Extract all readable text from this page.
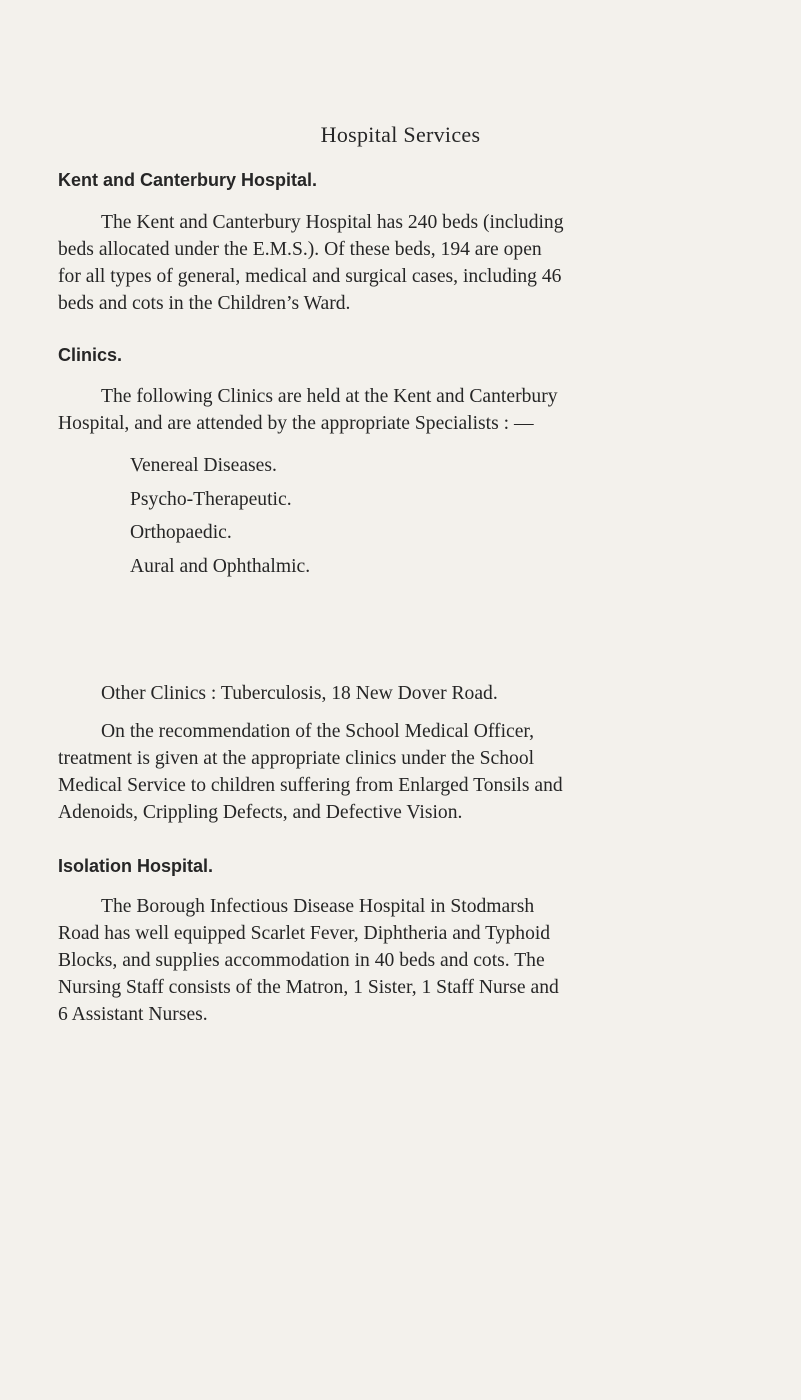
Hospital Services
Kent and Canterbury Hospital.
The Kent and Canterbury Hospital has 240 beds (including
beds allocated under the E.M.S.). Of these beds, 194 are open
for all types of general, medical and surgical cases, including 46
beds and cots in the Children’s Ward.
Clinics.
The following Clinics are held at the Kent and Canterbury
Hospital, and are attended by the appropriate Specialists : —
Venereal Diseases.
Psycho-Therapeutic.
Orthopaedic.
Aural and Ophthalmic.
Other Clinics : Tuberculosis, 18 New Dover Road.
On the recommendation of the School Medical Officer,
treatment is given at the appropriate clinics under the School
Medical Service to children suffering from Enlarged Tonsils and
Adenoids, Crippling Defects, and Defective Vision.
Isolation Hospital.
The Borough Infectious Disease Hospital in Stodmarsh
Road has well equipped Scarlet Fever, Diphtheria and Typhoid
Blocks, and supplies accommodation in 40 beds and cots. The
Nursing Staff consists of the Matron, 1 Sister, 1 Staff Nurse and
6 Assistant Nurses.
